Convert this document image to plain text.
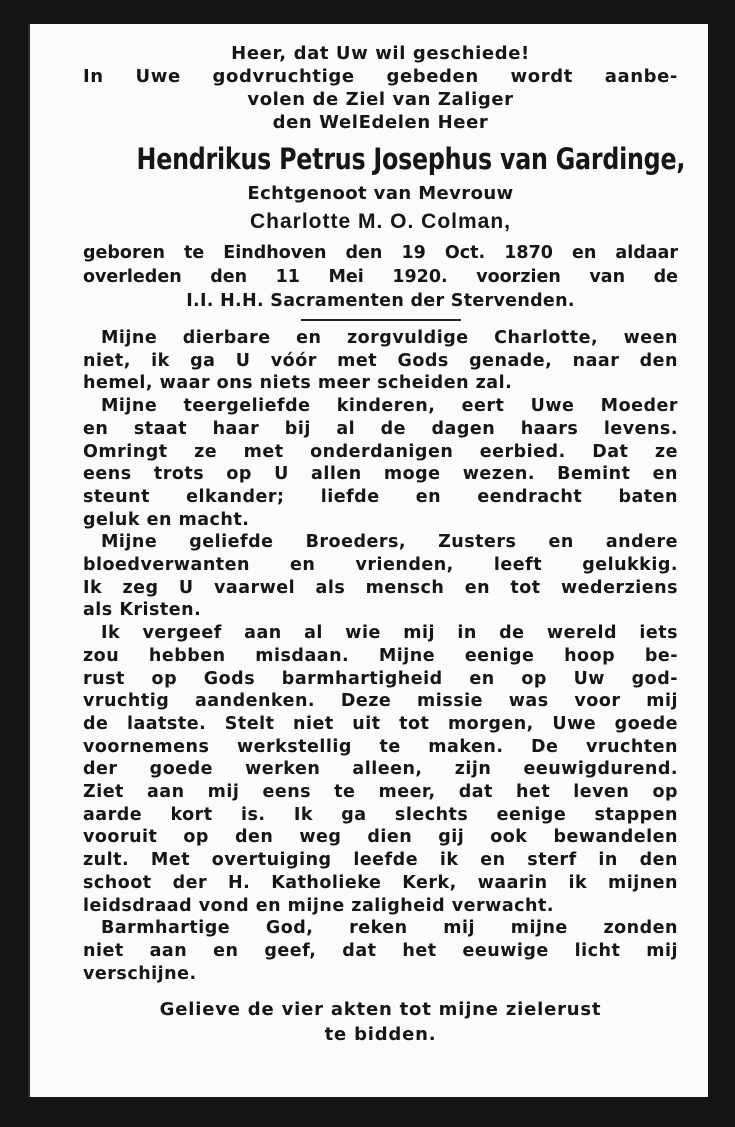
Heer, dat Uw wil geschiede!

In Uwe godvruchtige gebeden wordt aanbe-

volen de Ziel van Zaliger

den WelEdelen Heer

Hendrikus Petrus Josephus van Gardinge,

Echtgenoot van Mevrouw

Charlotte M. O. Colman,

geboren te Eindhoven den 19 Oct. 1870 en aldaar

overleden den 11 Mei 1920. voorzien van de

I.I. H.H. Sacramenten der Stervenden.

Mijne dierbare en zorgvuldige Charlotte, ween
niet, ik ga U vóór met Gods genade, naar den
hemel, waar ons niets meer scheiden zal.
Mijne teergeliefde kinderen, eert Uwe Moeder
en staat haar bij al de dagen haars levens.
Omringt ze met onderdanigen eerbied. Dat ze
eens trots op U allen moge wezen. Bemint en
steunt elkander; liefde en eendracht baten
geluk en macht.
Mijne geliefde Broeders, Zusters en andere
bloedverwanten en vrienden, leeft gelukkig.
Ik zeg U vaarwel als mensch en tot wederziens
als Kristen.
Ik vergeef aan al wie mij in de wereld iets
zou hebben misdaan. Mijne eenige hoop be-
rust op Gods barmhartigheid en op Uw god-
vruchtig aandenken. Deze missie was voor mij
de laatste. Stelt niet uit tot morgen, Uwe goede
voornemens werkstellig te maken. De vruchten
der goede werken alleen, zijn eeuwigdurend.
Ziet aan mij eens te meer, dat het leven op
aarde kort is. Ik ga slechts eenige stappen
vooruit op den weg dien gij ook bewandelen
zult. Met overtuiging leefde ik en sterf in den
schoot der H. Katholieke Kerk, waarin ik mijnen
leidsdraad vond en mijne zaligheid verwacht.
Barmhartige God, reken mij mijne zonden
niet aan en geef, dat het eeuwige licht mij
verschijne.

Gelieve de vier akten tot mijne zielerust

te bidden.
